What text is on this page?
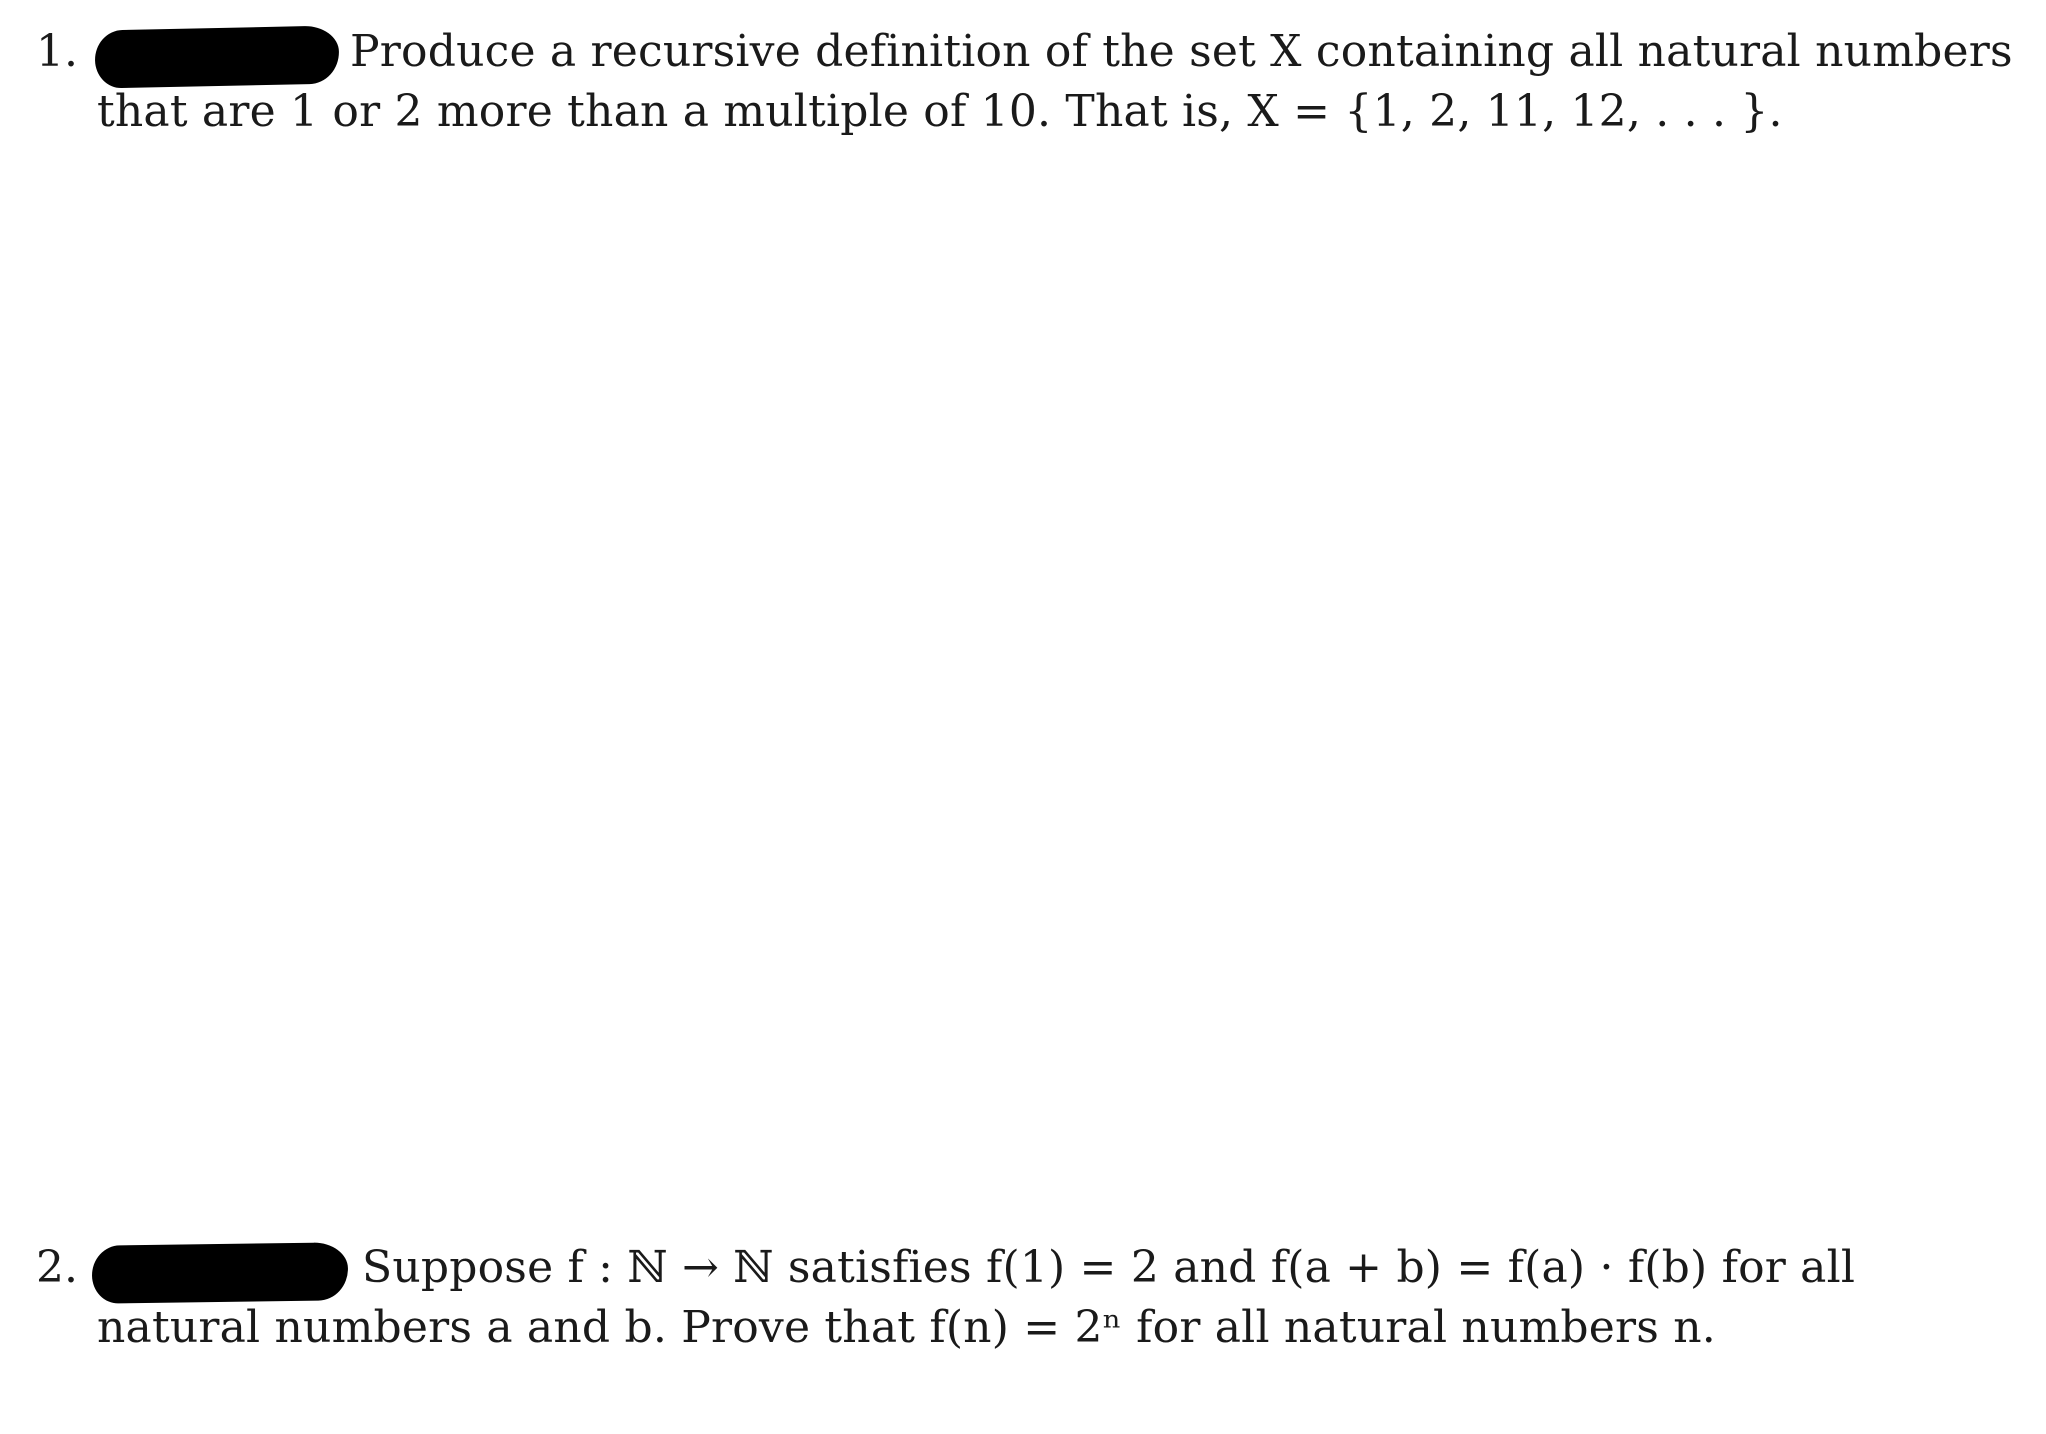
1.	Produce a recursive definition of the set X containing all natural numbers
that are 1 or 2 more than a multiple of 10. That is, X = {1, 2, 11, 12, . . . }.
2.	Suppose f : ℕ → ℕ satisfies f(1) = 2 and f(a + b) = f(a) · f(b) for all
natural numbers a and b. Prove that f(n) = 2ⁿ for all natural numbers n.
